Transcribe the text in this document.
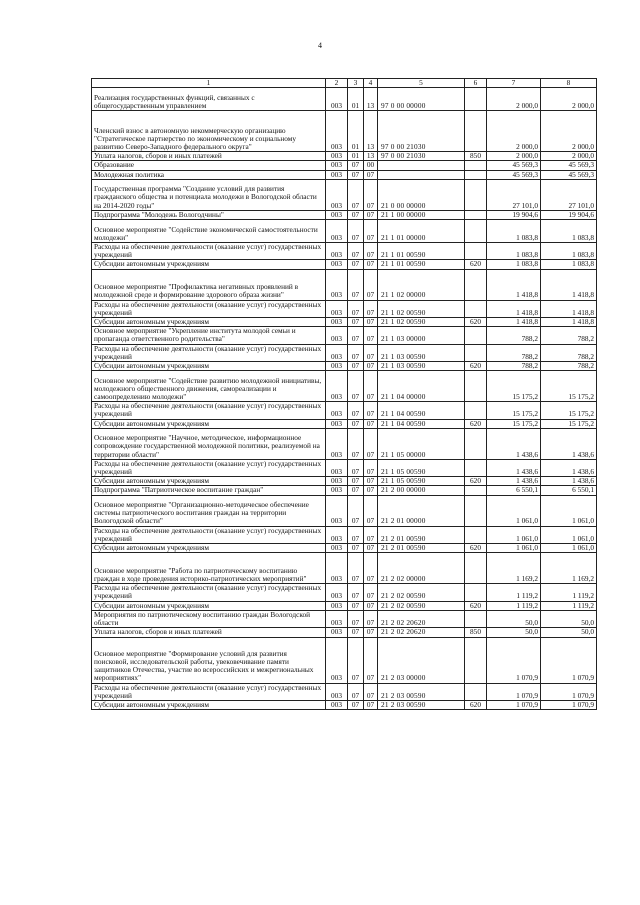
4
1	2	3	4	5	6	7	8
Реализация государственных функций, связанных с общегосударственным управлением	003	01	13	97 0 00 00000		2 000,0	2 000,0
Членский взнос в автономную некоммерческую организацию "Стратегическое партнерство по экономическому и социальному развитию Северо-Западного федерального округа"	003	01	13	97 0 00 21030		2 000,0	2 000,0
Уплата налогов, сборов и иных платежей	003	01	13	97 0 00 21030	850	2 000,0	2 000,0
Образование	003	07	00			45 569,3	45 569,3
Молодежная политика	003	07	07			45 569,3	45 569,3
Государственная программа "Создание условий для развития гражданского общества и потенциала молодежи в Вологодской области на 2014-2020 годы"	003	07	07	21 0 00 00000		27 101,0	27 101,0
Подпрограмма "Молодежь Вологодчины"	003	07	07	21 1 00 00000		19 904,6	19 904,6
Основное мероприятие "Содействие экономической самостоятельности молодежи"	003	07	07	21 1 01 00000		1 083,8	1 083,8
Расходы на обеспечение деятельности (оказание услуг) государственных учреждений	003	07	07	21 1 01 00590		1 083,8	1 083,8
Субсидии автономным учреждениям	003	07	07	21 1 01 00590	620	1 083,8	1 083,8
Основное мероприятие "Профилактика негативных проявлений в молодежной среде и формирование здорового образа жизни"	003	07	07	21 1 02 00000		1 418,8	1 418,8
Расходы на обеспечение деятельности (оказание услуг) государственных учреждений	003	07	07	21 1 02 00590		1 418,8	1 418,8
Субсидии автономным учреждениям	003	07	07	21 1 02 00590	620	1 418,8	1 418,8
Основное мероприятие "Укрепление института молодой семьи и пропаганда ответственного родительства"	003	07	07	21 1 03 00000		788,2	788,2
Расходы на обеспечение деятельности (оказание услуг) государственных учреждений	003	07	07	21 1 03 00590		788,2	788,2
Субсидии автономным учреждениям	003	07	07	21 1 03 00590	620	788,2	788,2
Основное мероприятие "Содействие развитию молодежной инициативы, молодежного общественного движения, самореализации и самоопределению молодежи"	003	07	07	21 1 04 00000		15 175,2	15 175,2
Расходы на обеспечение деятельности (оказание услуг) государственных учреждений	003	07	07	21 1 04 00590		15 175,2	15 175,2
Субсидии автономным учреждениям	003	07	07	21 1 04 00590	620	15 175,2	15 175,2
Основное мероприятие "Научное, методическое, информационное сопровождение государственной молодежной политики, реализуемой на территории области"	003	07	07	21 1 05 00000		1 438,6	1 438,6
Расходы на обеспечение деятельности (оказание услуг) государственных учреждений	003	07	07	21 1 05 00590		1 438,6	1 438,6
Субсидии автономным учреждениям	003	07	07	21 1 05 00590	620	1 438,6	1 438,6
Подпрограмма "Патриотическое воспитание граждан"	003	07	07	21 2 00 00000		6 550,1	6 550,1
Основное мероприятие "Организационно-методическое обеспечение системы патриотического воспитания граждан на территории Вологодской области"	003	07	07	21 2 01 00000		1 061,0	1 061,0
Расходы на обеспечение деятельности (оказание услуг) государственных учреждений	003	07	07	21 2 01 00590		1 061,0	1 061,0
Субсидии автономным учреждениям	003	07	07	21 2 01 00590	620	1 061,0	1 061,0
Основное мероприятие "Работа по патриотическому воспитанию граждан в ходе проведения историко-патриотических мероприятий"	003	07	07	21 2 02 00000		1 169,2	1 169,2
Расходы на обеспечение деятельности (оказание услуг) государственных учреждений	003	07	07	21 2 02 00590		1 119,2	1 119,2
Субсидии автономным учреждениям	003	07	07	21 2 02 00590	620	1 119,2	1 119,2
Мероприятия по патриотическому воспитанию граждан Вологодской области	003	07	07	21 2 02 20620		50,0	50,0
Уплата налогов, сборов и иных платежей	003	07	07	21 2 02 20620	850	50,0	50,0
Основное мероприятие "Формирование условий для развития поисковой, исследовательской работы, увековечивание памяти защитников Отечества, участие во всероссийских и межрегиональных мероприятиях"	003	07	07	21 2 03 00000		1 070,9	1 070,9
Расходы на обеспечение деятельности (оказание услуг) государственных учреждений	003	07	07	21 2 03 00590		1 070,9	1 070,9
Субсидии автономным учреждениям	003	07	07	21 2 03 00590	620	1 070,9	1 070,9
